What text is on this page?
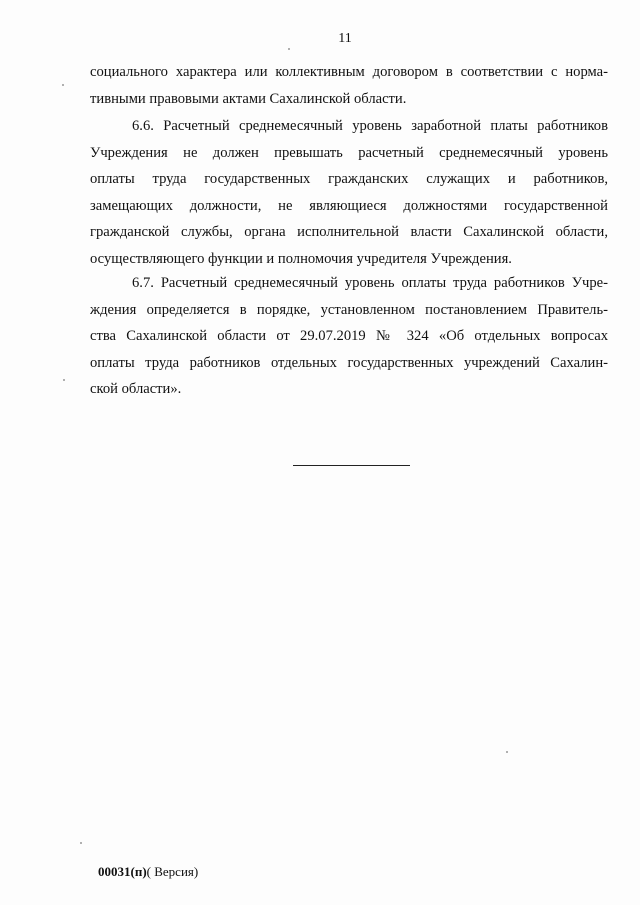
11
социального характера или коллективным договором в соответствии с норма-
тивными правовыми актами Сахалинской области.
6.6. Расчетный среднемесячный уровень заработной платы работников
Учреждения не должен превышать расчетный среднемесячный уровень
оплаты труда государственных гражданских служащих и работников,
замещающих должности, не являющиеся должностями государственной
гражданской службы, органа исполнительной власти Сахалинской области,
осуществляющего функции и полномочия учредителя Учреждения.
6.7. Расчетный среднемесячный уровень оплаты труда работников Учре-
ждения определяется в порядке, установленном постановлением Правитель-
ства Сахалинской области от 29.07.2019 № 324 «Об отдельных вопросах
оплаты труда работников отдельных государственных учреждений Сахалин-
ской области».
00031(п)( Версия)
